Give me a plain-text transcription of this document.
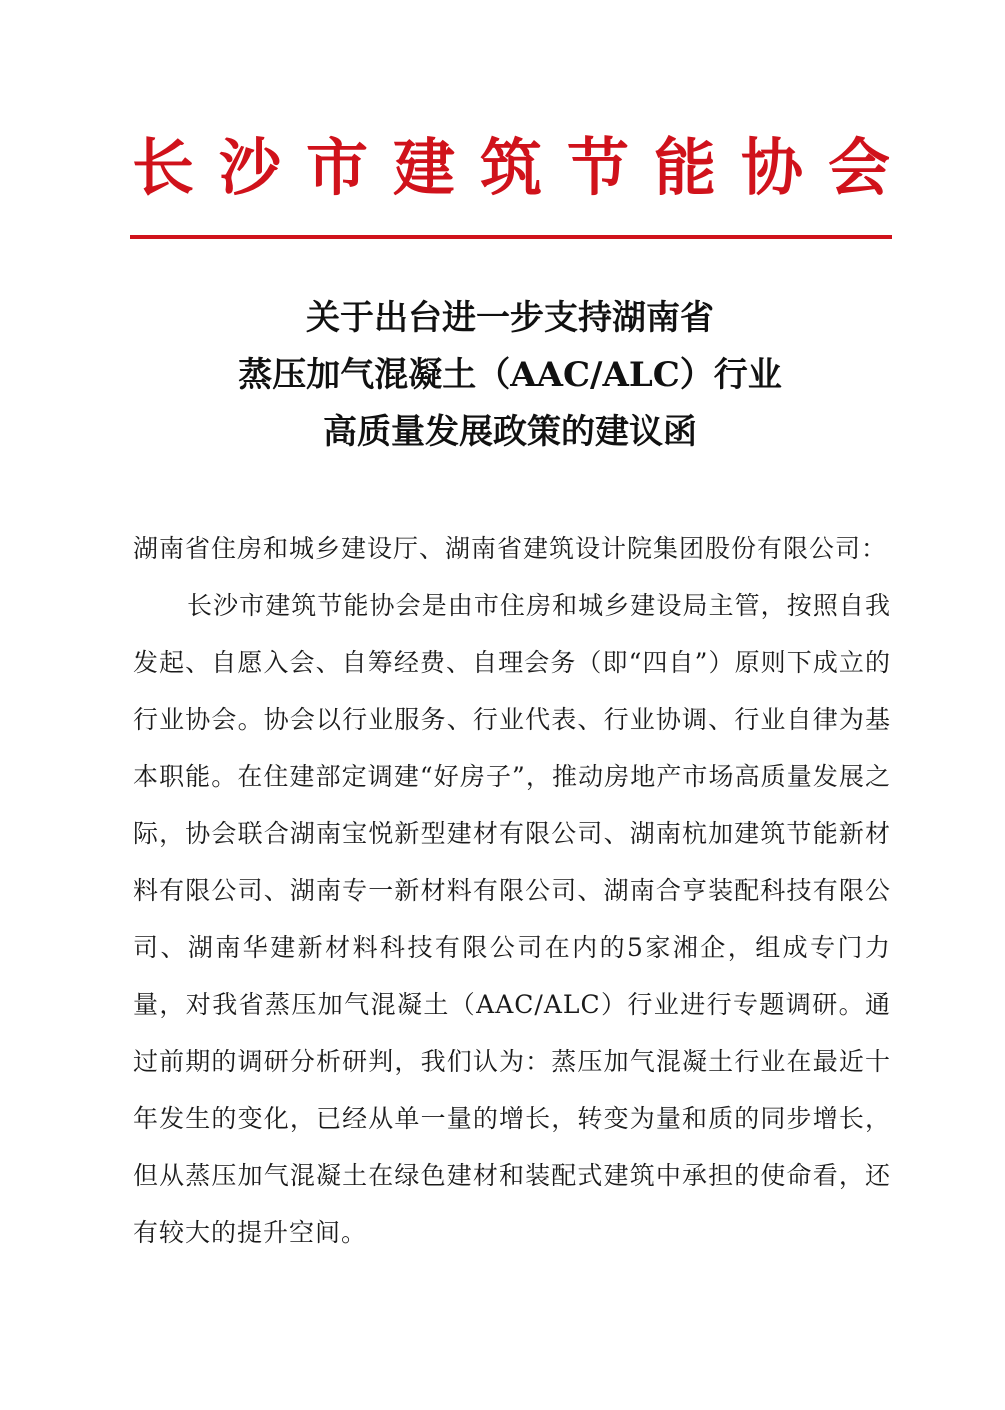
长沙市建筑节能协会
关于出台进一步支持湖南省
蒸压加气混凝土（AAC/ALC）行业
高质量发展政策的建议函

湖南省住房和城乡建设厅、湖南省建筑设计院集团股份有限公司：

长沙市建筑节能协会是由市住房和城乡建设局主管，按照自我发起、自愿入会、自筹经费、自理会务（即“四自”）原则下成立的行业协会。协会以行业服务、行业代表、行业协调、行业自律为基本职能。在住建部定调建“好房子”，推动房地产市场高质量发展之际，协会联合湖南宝悦新型建材有限公司、湖南杭加建筑节能新材料有限公司、湖南专一新材料有限公司、湖南合亨装配科技有限公司、湖南华建新材料科技有限公司在内的5家湘企，组成专门力量，对我省蒸压加气混凝土（AAC/ALC）行业进行专题调研。通过前期的调研分析研判，我们认为：蒸压加气混凝土行业在最近十年发生的变化，已经从单一量的增长，转变为量和质的同步增长，但从蒸压加气混凝土在绿色建材和装配式建筑中承担的使命看，还有较大的提升空间。
